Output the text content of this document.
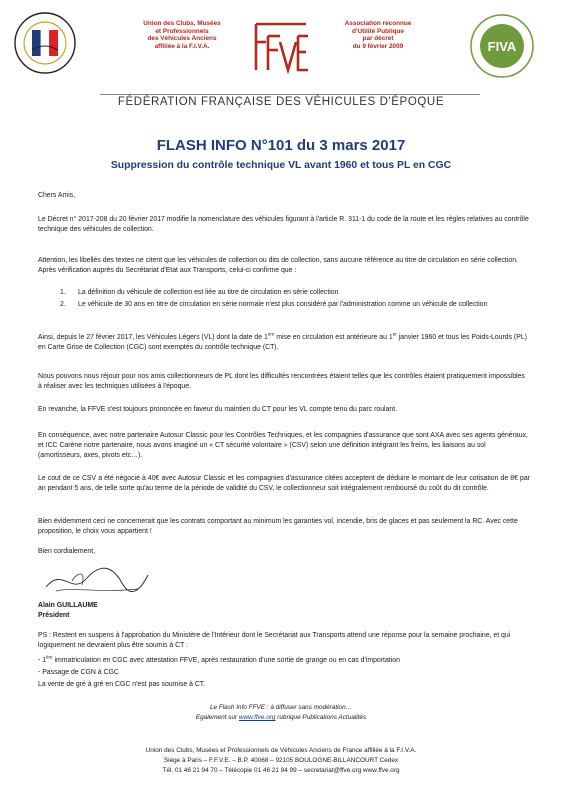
Union des Clubs, Musées
et Professionnels
des Véhicules Anciens
affiliée à la F.I.V.A.
Association reconnue
d'Utilité Publique
par décret
du 9 février 2009	FIVA
FÉDÉRATION FRANÇAISE DES VÉHICULES D'ÉPOQUE
FLASH INFO N°101 du 3 mars 2017
Suppression du contrôle technique VL avant 1960 et tous PL en CGC
Chers Amis,
Le Décret n° 2017-208 du 20 février 2017 modifie la nomenclature des véhicules figurant à l'article R. 311-1 du code de la route et les règles relatives au contrôle technique des véhicules de collection.
Attention, les libellés des textes ne citent que les véhicules de collection ou dits de collection, sans aucune référence au titre de circulation en série collection. Après vérification auprès du Secrétariat d'Etat aux Transports, celui-ci confirme que :
1. La définition du véhicule de collection est liée au titre de circulation en série collection
2. Le véhicule de 30 ans en titre de circulation en série normale n'est plus considéré par l'administration comme un véhicule de collection
Ainsi, depuis le 27 février 2017, les Véhicules Légers (VL) dont la date de 1ère mise en circulation est antérieure au 1er janvier 1960 et tous les Poids-Lourds (PL) en Carte Grise de Collection (CGC) sont exemptés du contrôle technique (CT).
Nous pouvons nous réjouir pour nos amis collectionneurs de PL dont les difficultés rencontrées étaient telles que les contrôles étaient pratiquement impossibles à réaliser avec les techniques utilisées à l'époque.
En revanche, la FFVE s'est toujours prononcée en faveur du maintien du CT pour les VL compte tenu du parc roulant.
En conséquence, avec notre partenaire Autosur Classic pour les Contrôles Techniques, et les compagnies d'assurance que sont AXA avec ses agents généraux, et ICC Carène notre partenaire, nous avons imaginé un « CT sécurité volontaire » (CSV) selon une définition intégrant les freins, les liaisons au sol (amortisseurs, axes, pivots etc…).
Le cout de ce CSV a été négocié à 40€ avec Autosur Classic et les compagnies d'assurance citées acceptent de déduire le montant de leur cotisation de 8€ par an pendant 5 ans, de telle sorte qu'au terme de la période de validité du CSV, le collectionneur soit intégralement remboursé du coût du dit contrôle.
Bien évidemment ceci ne concernerait que les contrats comportant au minimum les garanties vol, incendie, bris de glaces et pas seulement la RC. Avec cette proposition, le choix vous appartient !
Bien cordialement,
Alain GUILLAUME
Président
PS : Restent en suspens à l'approbation du Ministère de l'Intérieur dont le Secrétariat aux Transports attend une réponse pour la semaine prochaine, et qui logiquement ne devraient plus être soumis à CT :
- 1ère immatriculation en CGC avec attestation FFVE, après restauration d'une sortie de grange ou en cas d'importation
- Passage de CGN à CGC
La vente de gré à gré en CGC n'est pas soumise à CT.
Le Flash Info FFVE : à diffuser sans modération…
Egalement sur www.ffve.org rubrique Publications Actualités
Union des Clubs, Musées et Professionnels de Véhicules Anciens de France affiliée à la F.I.V.A.
Siège à Paris – F.F.V.E. – B.P. 40068 – 92105 BOULOGNE-BILLANCOURT Cedex
Tél. 01 46 21 94 70 – Télécopie 01 46 21 94 99 – secretariat@ffve.org www.ffve.org
